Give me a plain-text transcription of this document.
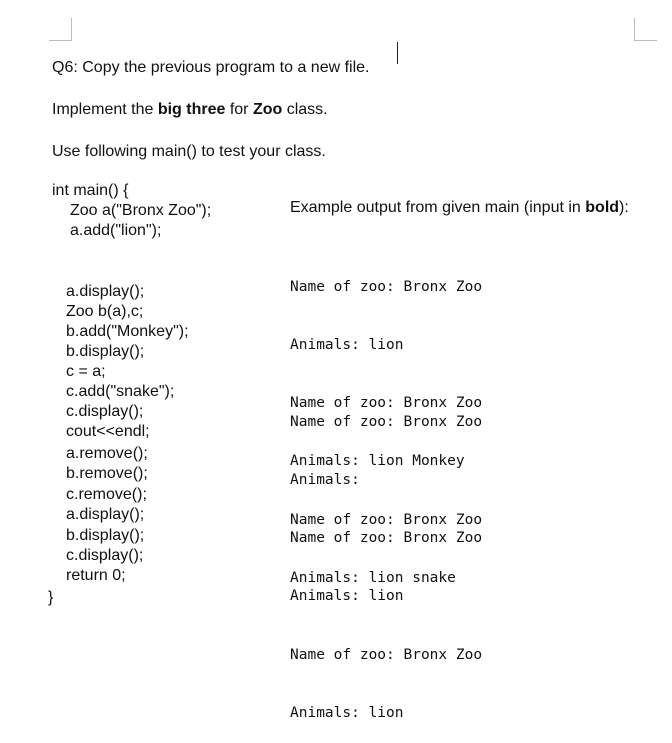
Q6: Copy the previous program to a new file.
Implement the big three for Zoo class.
Use following main() to test your class.
int main() {
Zoo a("Bronx Zoo");
a.add("lion");
a.display();
Zoo b(a),c;
b.add("Monkey");
b.display();
c = a;
c.add("snake");
c.display();
cout<<endl;
a.remove();
b.remove();
c.remove();
a.display();
b.display();
c.display();
return 0;
}
Example output from given main (input in bold):

Name of zoo: Bronx Zoo

Animals: lion

Name of zoo: Bronx Zoo

Animals: lion Monkey

Name of zoo: Bronx Zoo

Animals: lion snake

Name of zoo: Bronx Zoo

Animals:

Name of zoo: Bronx Zoo

Animals: lion

Name of zoo: Bronx Zoo

Animals: lion
